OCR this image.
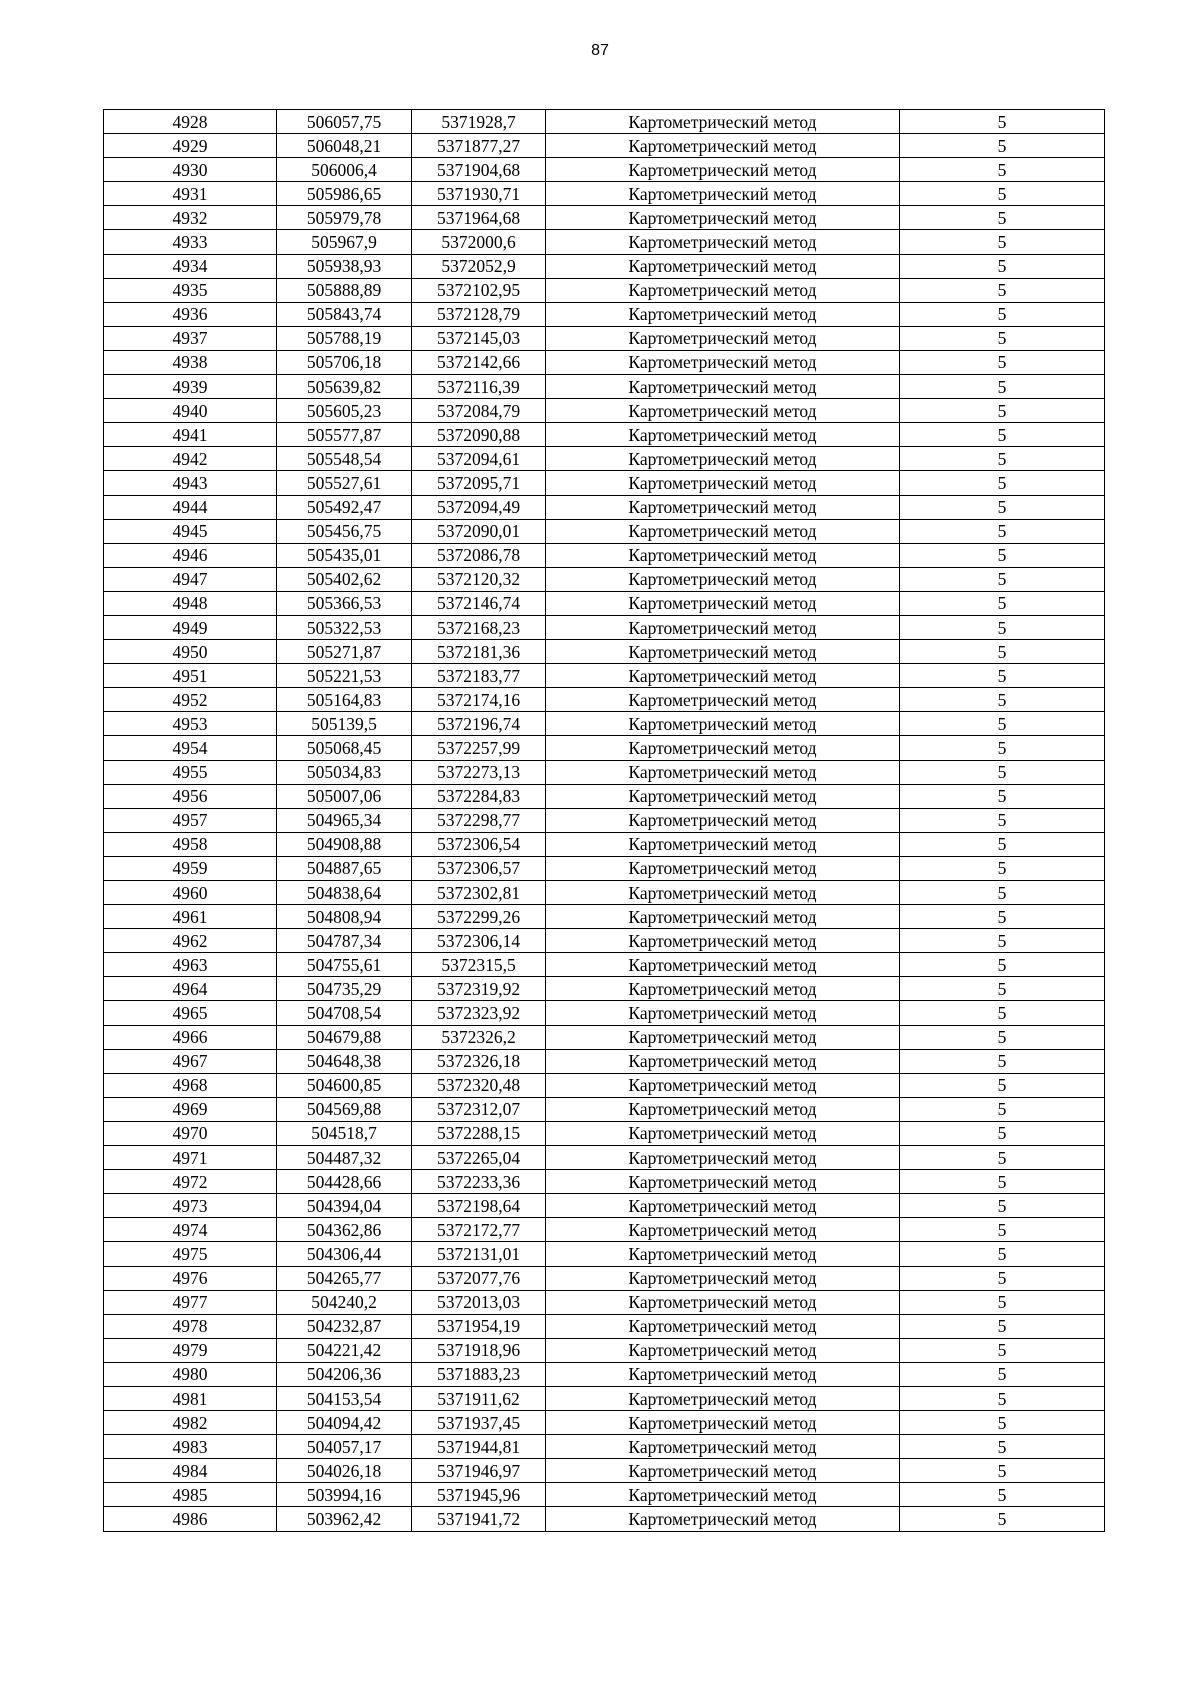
87
4928	506057,75	5371928,7	Картометрический метод	5
4929	506048,21	5371877,27	Картометрический метод	5
4930	506006,4	5371904,68	Картометрический метод	5
4931	505986,65	5371930,71	Картометрический метод	5
4932	505979,78	5371964,68	Картометрический метод	5
4933	505967,9	5372000,6	Картометрический метод	5
4934	505938,93	5372052,9	Картометрический метод	5
4935	505888,89	5372102,95	Картометрический метод	5
4936	505843,74	5372128,79	Картометрический метод	5
4937	505788,19	5372145,03	Картометрический метод	5
4938	505706,18	5372142,66	Картометрический метод	5
4939	505639,82	5372116,39	Картометрический метод	5
4940	505605,23	5372084,79	Картометрический метод	5
4941	505577,87	5372090,88	Картометрический метод	5
4942	505548,54	5372094,61	Картометрический метод	5
4943	505527,61	5372095,71	Картометрический метод	5
4944	505492,47	5372094,49	Картометрический метод	5
4945	505456,75	5372090,01	Картометрический метод	5
4946	505435,01	5372086,78	Картометрический метод	5
4947	505402,62	5372120,32	Картометрический метод	5
4948	505366,53	5372146,74	Картометрический метод	5
4949	505322,53	5372168,23	Картометрический метод	5
4950	505271,87	5372181,36	Картометрический метод	5
4951	505221,53	5372183,77	Картометрический метод	5
4952	505164,83	5372174,16	Картометрический метод	5
4953	505139,5	5372196,74	Картометрический метод	5
4954	505068,45	5372257,99	Картометрический метод	5
4955	505034,83	5372273,13	Картометрический метод	5
4956	505007,06	5372284,83	Картометрический метод	5
4957	504965,34	5372298,77	Картометрический метод	5
4958	504908,88	5372306,54	Картометрический метод	5
4959	504887,65	5372306,57	Картометрический метод	5
4960	504838,64	5372302,81	Картометрический метод	5
4961	504808,94	5372299,26	Картометрический метод	5
4962	504787,34	5372306,14	Картометрический метод	5
4963	504755,61	5372315,5	Картометрический метод	5
4964	504735,29	5372319,92	Картометрический метод	5
4965	504708,54	5372323,92	Картометрический метод	5
4966	504679,88	5372326,2	Картометрический метод	5
4967	504648,38	5372326,18	Картометрический метод	5
4968	504600,85	5372320,48	Картометрический метод	5
4969	504569,88	5372312,07	Картометрический метод	5
4970	504518,7	5372288,15	Картометрический метод	5
4971	504487,32	5372265,04	Картометрический метод	5
4972	504428,66	5372233,36	Картометрический метод	5
4973	504394,04	5372198,64	Картометрический метод	5
4974	504362,86	5372172,77	Картометрический метод	5
4975	504306,44	5372131,01	Картометрический метод	5
4976	504265,77	5372077,76	Картометрический метод	5
4977	504240,2	5372013,03	Картометрический метод	5
4978	504232,87	5371954,19	Картометрический метод	5
4979	504221,42	5371918,96	Картометрический метод	5
4980	504206,36	5371883,23	Картометрический метод	5
4981	504153,54	5371911,62	Картометрический метод	5
4982	504094,42	5371937,45	Картометрический метод	5
4983	504057,17	5371944,81	Картометрический метод	5
4984	504026,18	5371946,97	Картометрический метод	5
4985	503994,16	5371945,96	Картометрический метод	5
4986	503962,42	5371941,72	Картометрический метод	5
